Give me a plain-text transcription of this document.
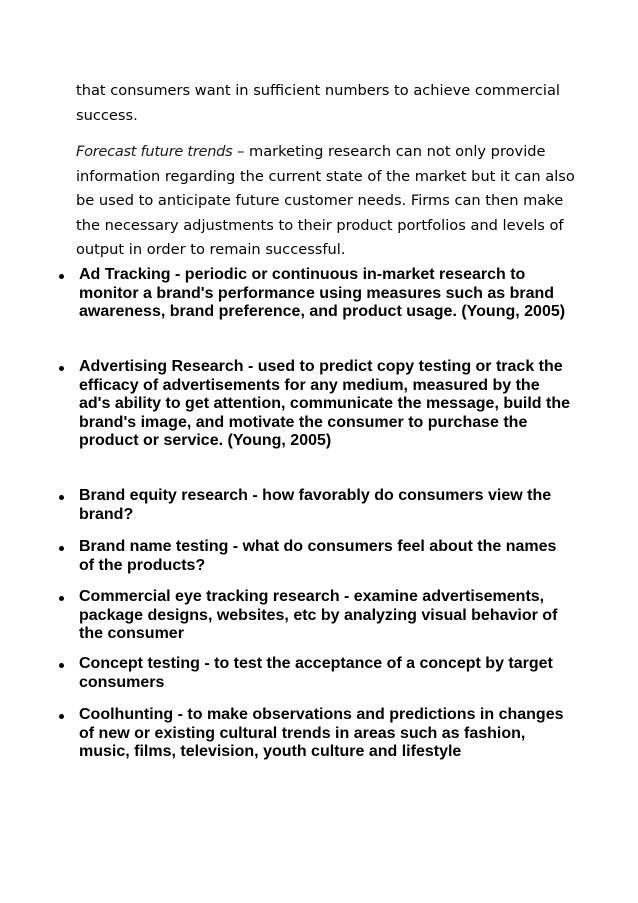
that consumers want in sufficient numbers to achieve commercial success.

Forecast future trends – marketing research can not only provide information regarding the current state of the market but it can also be used to anticipate future customer needs. Firms can then make the necessary adjustments to their product portfolios and levels of output in order to remain successful.

Ad Tracking - periodic or continuous in-market research to monitor a brand's performance using measures such as brand awareness, brand preference, and product usage. (Young, 2005)
Advertising Research - used to predict copy testing or track the efficacy of advertisements for any medium, measured by the ad's ability to get attention, communicate the message, build the brand's image, and motivate the consumer to purchase the product or service. (Young, 2005)
Brand equity research - how favorably do consumers view the brand?
Brand name testing - what do consumers feel about the names of the products?
Commercial eye tracking research - examine advertisements, package designs, websites, etc by analyzing visual behavior of the consumer
Concept testing - to test the acceptance of a concept by target consumers
Coolhunting - to make observations and predictions in changes of new or existing cultural trends in areas such as fashion, music, films, television, youth culture and lifestyle
